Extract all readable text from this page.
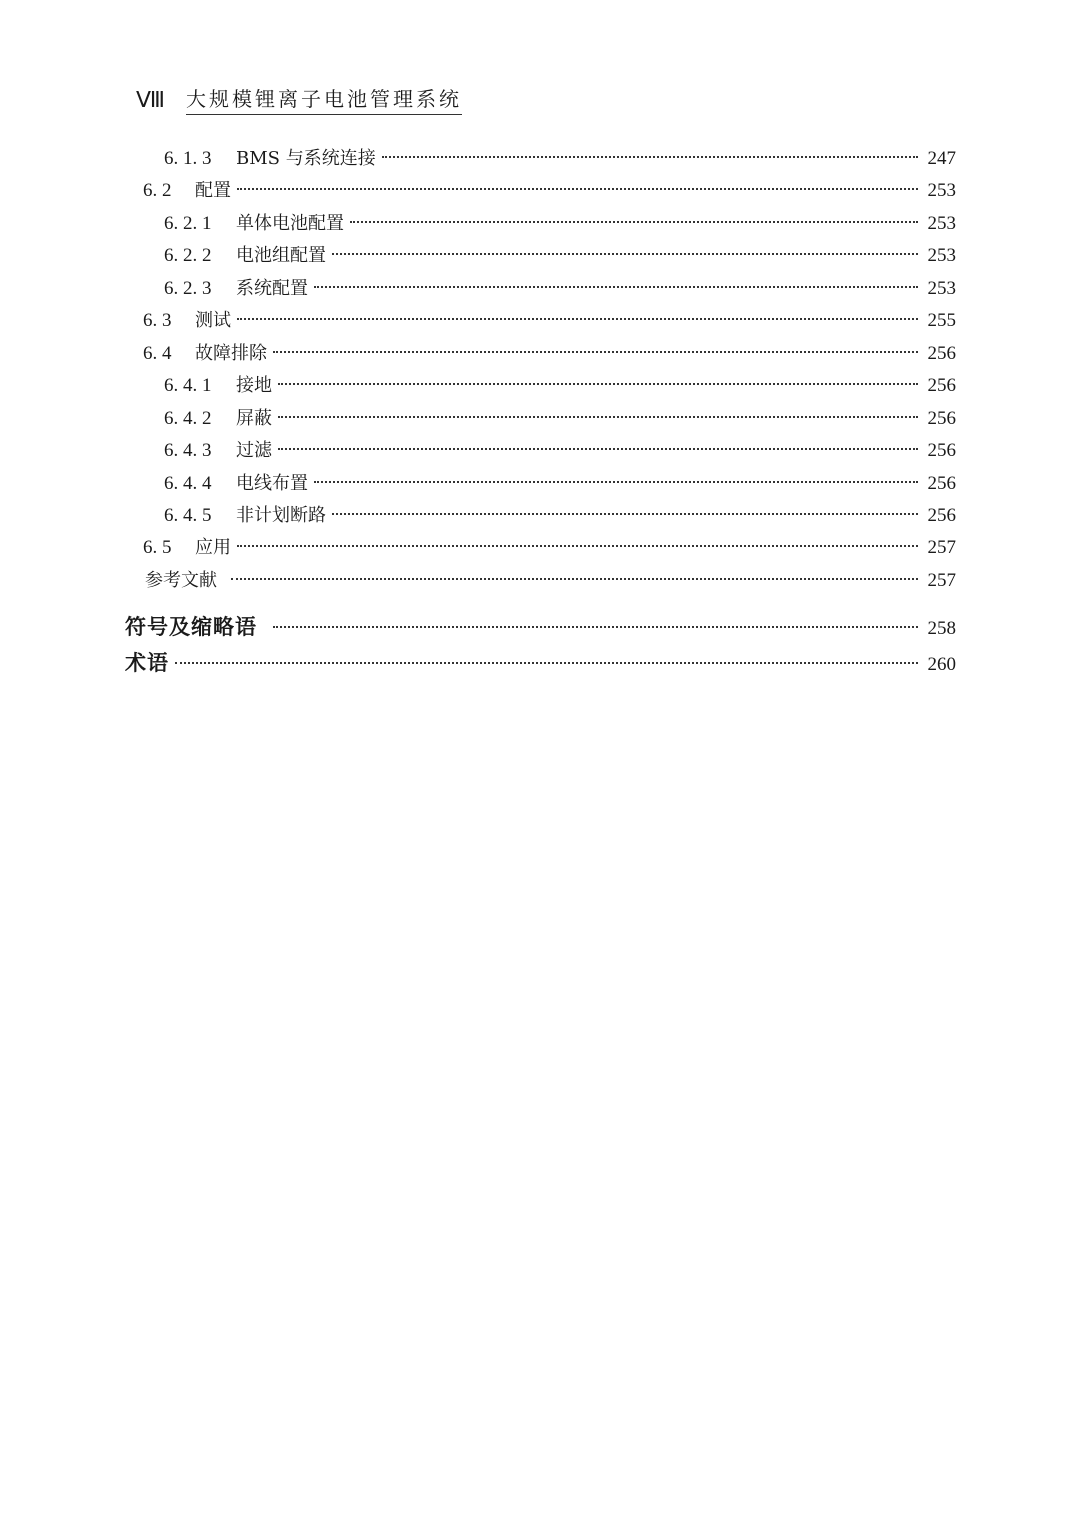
Ⅷ	大规模锂离子电池管理系统
6. 1. 3	BMS 与系统连接	247
6. 2	配置	253
6. 2. 1	单体电池配置	253
6. 2. 2	电池组配置	253
6. 2. 3	系统配置	253
6. 3	测试	255
6. 4	故障排除	256
6. 4. 1	接地	256
6. 4. 2	屏蔽	256
6. 4. 3	过滤	256
6. 4. 4	电线布置	256
6. 4. 5	非计划断路	256
6. 5	应用	257
参考文献	257
符号及缩略语	258
术语	260
